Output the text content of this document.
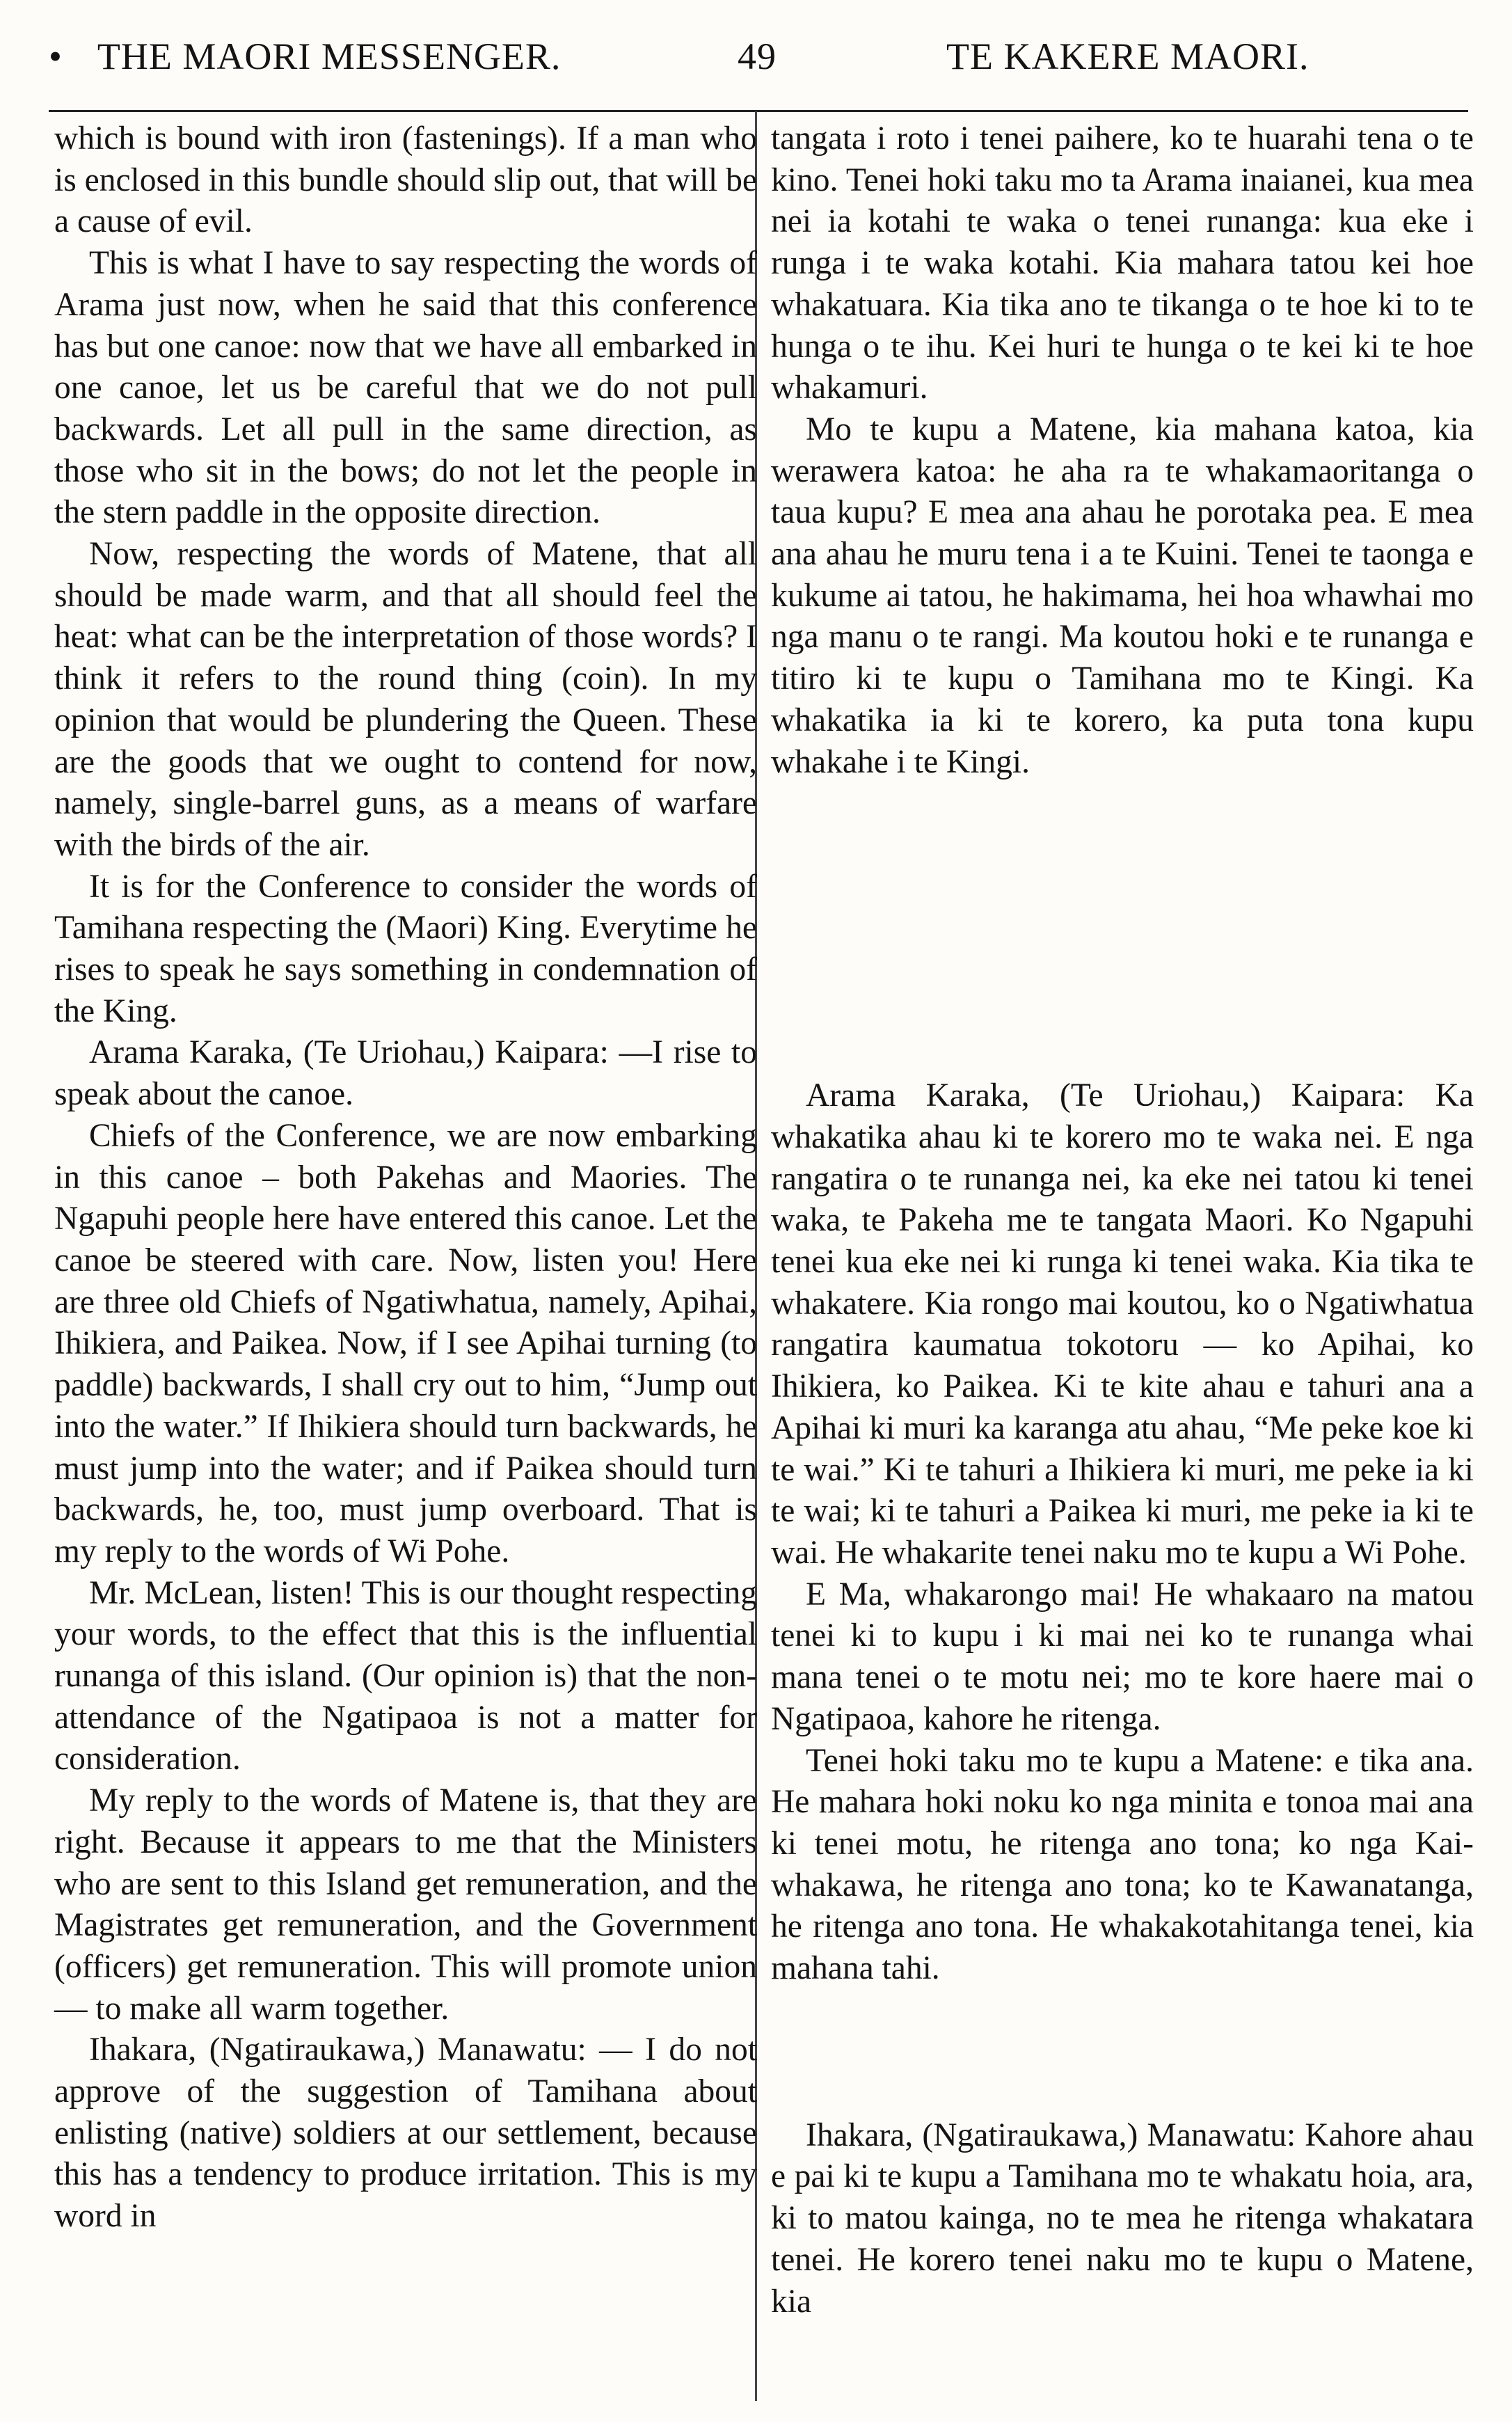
• THE MAORI MESSENGER.	49	TE KAKERE MAORI.

which is bound with iron (fastenings). If a man who is enclosed in this bundle should slip out, that will be a cause of evil.

This is what I have to say respecting the words of Arama just now, when he said that this conference has but one canoe: now that we have all embarked in one canoe, let us be careful that we do not pull backwards. Let all pull in the same direction, as those who sit in the bows; do not let the people in the stern paddle in the opposite direction.

Now, respecting the words of Matene, that all should be made warm, and that all should feel the heat: what can be the interpretation of those words? I think it refers to the round thing (coin). In my opinion that would be plundering the Queen. These are the goods that we ought to contend for now, namely, single-barrel guns, as a means of warfare with the birds of the air.

It is for the Conference to consider the words of Tamihana respecting the (Maori) King. Everytime he rises to speak he says something in condemnation of the King.

Arama Karaka, (Te Uriohau,) Kaipara: —I rise to speak about the canoe.

Chiefs of the Conference, we are now embarking in this canoe – both Pakehas and Maories. The Ngapuhi people here have entered this canoe. Let the canoe be steered with care. Now, listen you! Here are three old Chiefs of Ngatiwhatua, namely, Apihai, Ihikiera, and Paikea. Now, if I see Apihai turning (to paddle) backwards, I shall cry out to him, “Jump out into the water.” If Ihikiera should turn backwards, he must jump into the water; and if Paikea should turn backwards, he, too, must jump overboard. That is my reply to the words of Wi Pohe.

Mr. McLean, listen! This is our thought respecting your words, to the effect that this is the influential runanga of this island. (Our opinion is) that the non-attendance of the Ngatipaoa is not a matter for consideration.

My reply to the words of Matene is, that they are right. Because it appears to me that the Ministers who are sent to this Island get remuneration, and the Magistrates get remuneration, and the Government (officers) get remuneration. This will promote union — to make all warm together.

Ihakara, (Ngatiraukawa,) Manawatu: — I do not approve of the suggestion of Tamihana about enlisting (native) soldiers at our settlement, because this has a tendency to produce irritation. This is my word in

tangata i roto i tenei paihere, ko te huarahi tena o te kino. Tenei hoki taku mo ta Arama inaianei, kua mea nei ia kotahi te waka o tenei runanga: kua eke i runga i te waka kotahi. Kia mahara tatou kei hoe whakatuara. Kia tika ano te tikanga o te hoe ki to te hunga o te ihu. Kei huri te hunga o te kei ki te hoe whakamuri.

Mo te kupu a Matene, kia mahana katoa, kia werawera katoa: he aha ra te whakamaoritanga o taua kupu? E mea ana ahau he porotaka pea. E mea ana ahau he muru tena i a te Kuini. Tenei te taonga e kukume ai tatou, he hakimama, hei hoa whawhai mo nga manu o te rangi. Ma koutou hoki e te runanga e titiro ki te kupu o Tamihana mo te Kingi. Ka whakatika ia ki te korero, ka puta tona kupu whakahe i te Kingi.

Arama Karaka, (Te Uriohau,) Kaipara: Ka whakatika ahau ki te korero mo te waka nei. E nga rangatira o te runanga nei, ka eke nei tatou ki tenei waka, te Pakeha me te tangata Maori. Ko Ngapuhi tenei kua eke nei ki runga ki tenei waka. Kia tika te whakatere. Kia rongo mai koutou, ko o Ngatiwhatua rangatira kaumatua tokotoru — ko Apihai, ko Ihikiera, ko Paikea. Ki te kite ahau e tahuri ana a Apihai ki muri ka karanga atu ahau, “Me peke koe ki te wai.” Ki te tahuri a Ihikiera ki muri, me peke ia ki te wai; ki te tahuri a Paikea ki muri, me peke ia ki te wai. He whakarite tenei naku mo te kupu a Wi Pohe.

E Ma, whakarongo mai! He whakaaro na matou tenei ki to kupu i ki mai nei ko te runanga whai mana tenei o te motu nei; mo te kore haere mai o Ngatipaoa, kahore he ritenga.

Tenei hoki taku mo te kupu a Matene: e tika ana. He mahara hoki noku ko nga minita e tonoa mai ana ki tenei motu, he ritenga ano tona; ko nga Kai-whakawa, he ritenga ano tona; ko te Kawanatanga, he ritenga ano tona. He whakakotahitanga tenei, kia mahana tahi.

Ihakara, (Ngatiraukawa,) Manawatu: Kahore ahau e pai ki te kupu a Tamihana mo te whakatu hoia, ara, ki to matou kainga, no te mea he ritenga whakatara tenei. He korero tenei naku mo te kupu o Matene, kia
